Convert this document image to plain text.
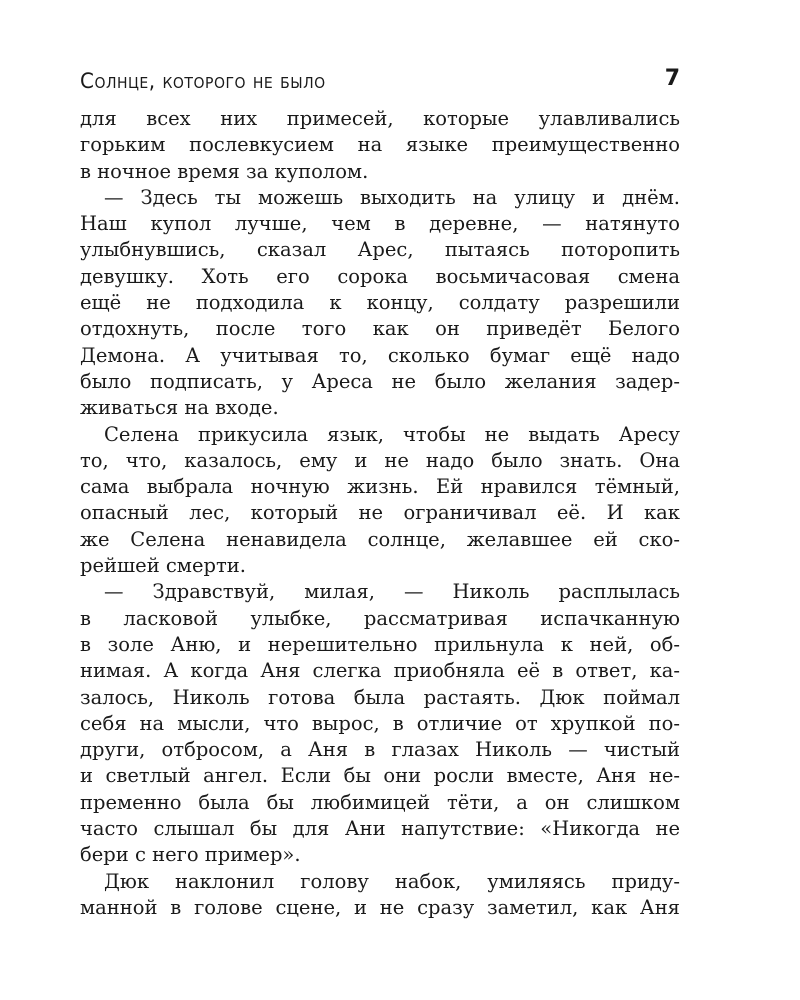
Солнце, которого не было	7
для всех них примесей, которые улавливались
горьким послевкусием на языке преимущественно
в ночное время за куполом.
— Здесь ты можешь выходить на улицу и днём.
Наш купол лучше, чем в деревне, — натянуто
улыбнувшись, сказал Арес, пытаясь поторопить
девушку. Хоть его сорока восьмичасовая смена
ещё не подходила к концу, солдату разрешили
отдохнуть, после того как он приведёт Белого
Демона. А учитывая то, сколько бумаг ещё надо
было подписать, у Ареса не было желания задер-
живаться на входе.
Селена прикусила язык, чтобы не выдать Аресу
то, что, казалось, ему и не надо было знать. Она
сама выбрала ночную жизнь. Ей нравился тёмный,
опасный лес, который не ограничивал её. И как
же Селена ненавидела солнце, желавшее ей ско-
рейшей смерти.
— Здравствуй, милая, — Николь расплылась
в ласковой улыбке, рассматривая испачканную
в золе Аню, и нерешительно прильнула к ней, об-
нимая. А когда Аня слегка приобняла её в ответ, ка-
залось, Николь готова была растаять. Дюк поймал
себя на мысли, что вырос, в отличие от хрупкой по-
други, отбросом, а Аня в глазах Николь — чистый
и светлый ангел. Если бы они росли вместе, Аня не-
пременно была бы любимицей тёти, а он слишком
часто слышал бы для Ани напутствие: «Никогда не
бери с него пример».
Дюк наклонил голову набок, умиляясь приду-
манной в голове сцене, и не сразу заметил, как Аня
